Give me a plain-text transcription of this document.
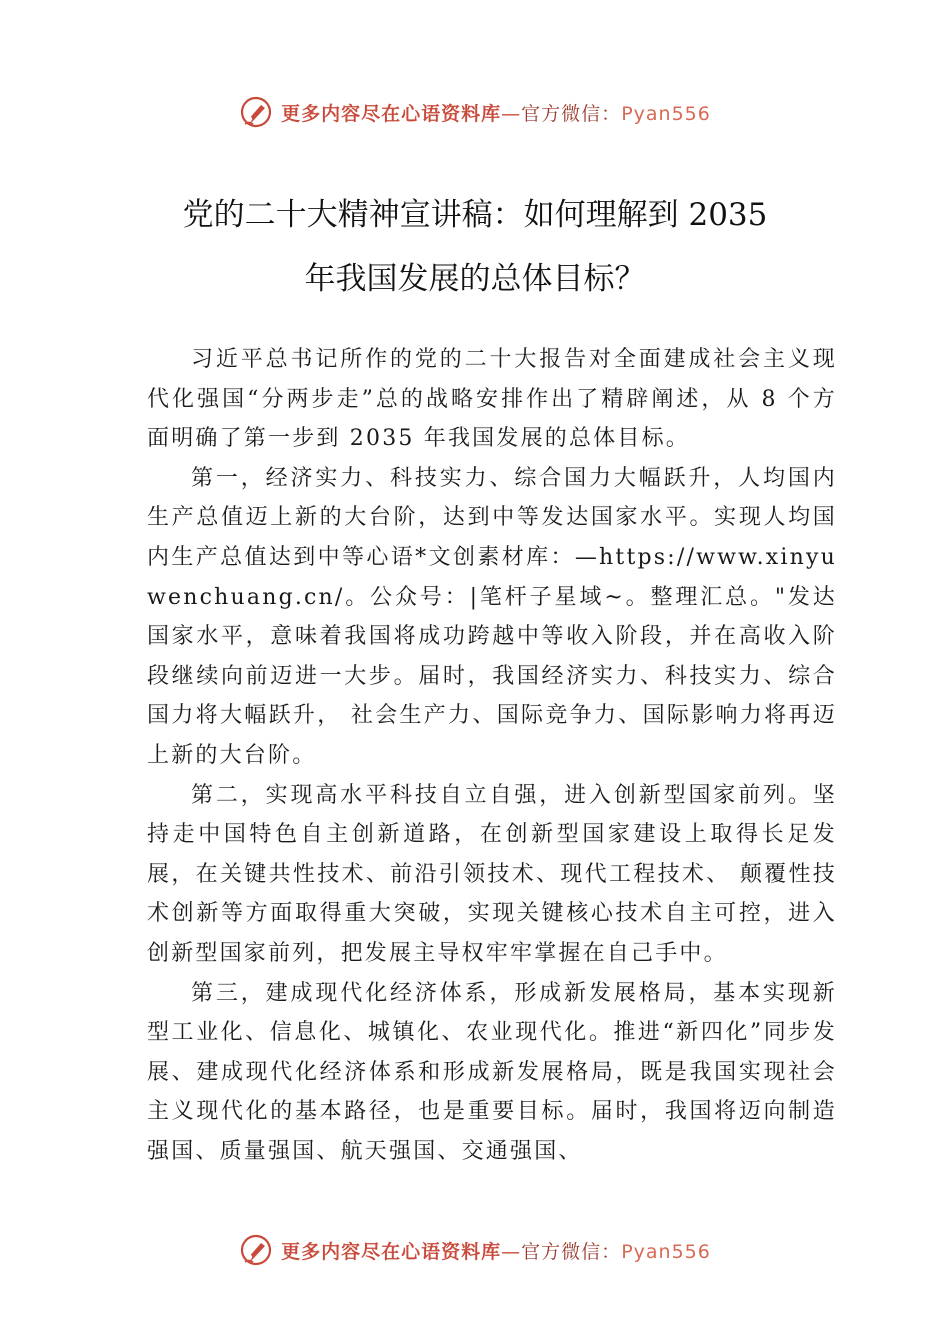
更多内容尽在心语资料库—官方微信：Pyan556
党的二十大精神宣讲稿：如何理解到 2035
年我国发展的总体目标？

习近平总书记所作的党的二十大报告对全面建成社会主义现代化强国“分两步走”总的战略安排作出了精辟阐述，从 8 个方面明确了第一步到 2035 年我国发展的总体目标。

第一，经济实力、科技实力、综合国力大幅跃升，人均国内生产总值迈上新的大台阶，达到中等发达国家水平。实现人均国内生产总值达到中等心语*文创素材库：—https://www.xinyuwenchuang.cn/。公众号：|笔杆子星域~。整理汇总。"发达国家水平，意味着我国将成功跨越中等收入阶段，并在高收入阶段继续向前迈进一大步。届时，我国经济实力、科技实力、综合国力将大幅跃升， 社会生产力、国际竞争力、国际影响力将再迈上新的大台阶。

第二，实现高水平科技自立自强，进入创新型国家前列。坚持走中国特色自主创新道路，在创新型国家建设上取得长足发展，在关键共性技术、前沿引领技术、现代工程技术、 颠覆性技术创新等方面取得重大突破，实现关键核心技术自主可控，进入创新型国家前列，把发展主导权牢牢掌握在自己手中。

第三，建成现代化经济体系，形成新发展格局，基本实现新型工业化、信息化、城镇化、农业现代化。推进“新四化”同步发展、建成现代化经济体系和形成新发展格局，既是我国实现社会主义现代化的基本路径，也是重要目标。届时，我国将迈向制造强国、质量强国、航天强国、交通强国、

更多内容尽在心语资料库—官方微信：Pyan556
